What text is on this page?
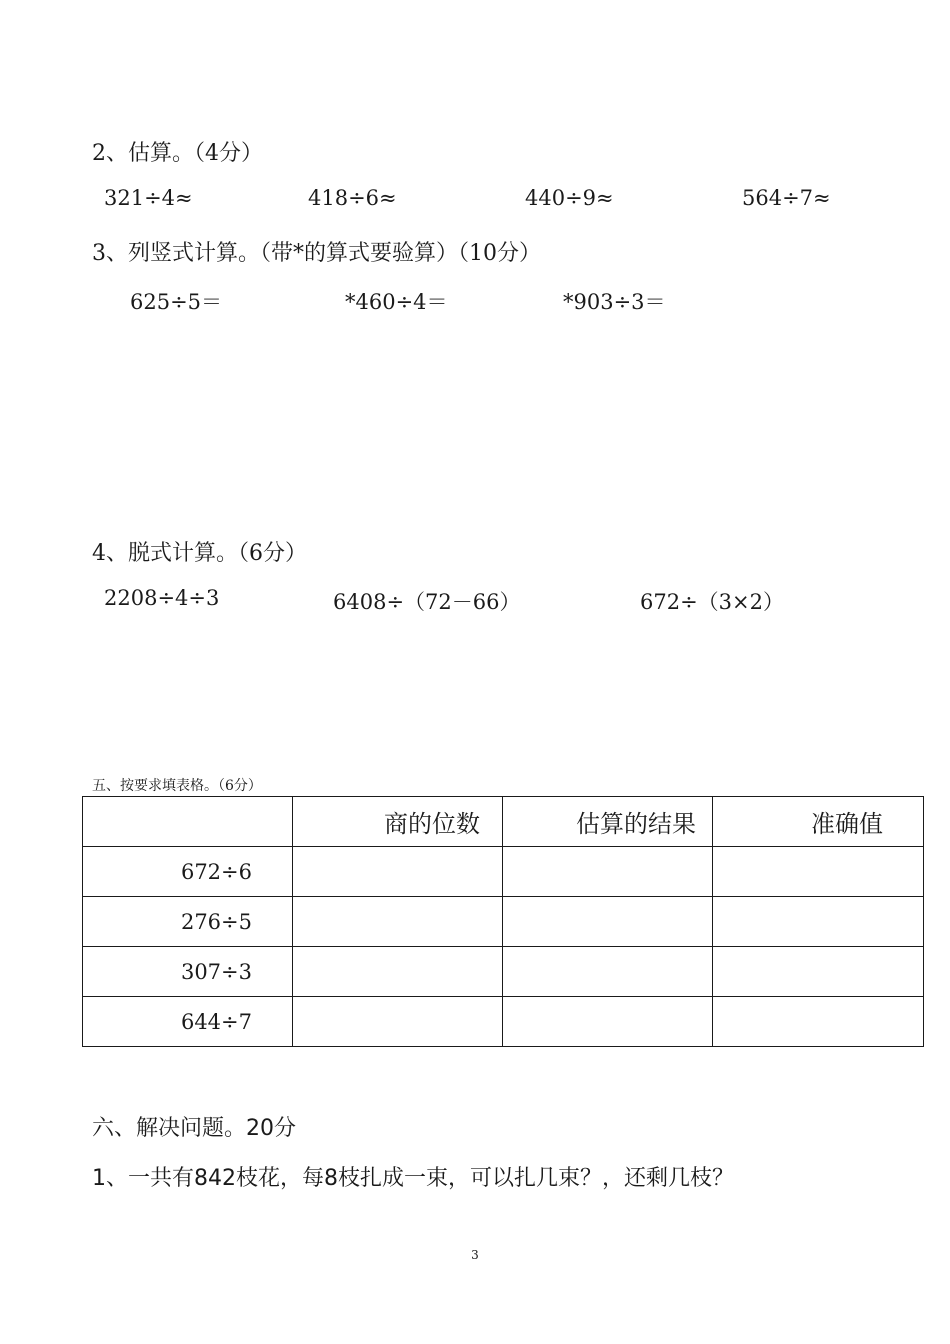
2、估算。（4分）
321÷4≈	418÷6≈	440÷9≈	564÷7≈
3、列竖式计算。（带*的算式要验算）（10分）
625÷5＝	*460÷4＝	*903÷3＝
4、脱式计算。（6分）
2208÷4÷3	6408÷（72－66）	672÷（3×2）
五、按要求填表格。（6分）
	商的位数	估算的结果	准确值
672÷6			
276÷5			
307÷3			
644÷7			
六、解决问题。20分
1、一共有842枝花，每8枝扎成一束，可以扎几束？，还剩几枝？
3
